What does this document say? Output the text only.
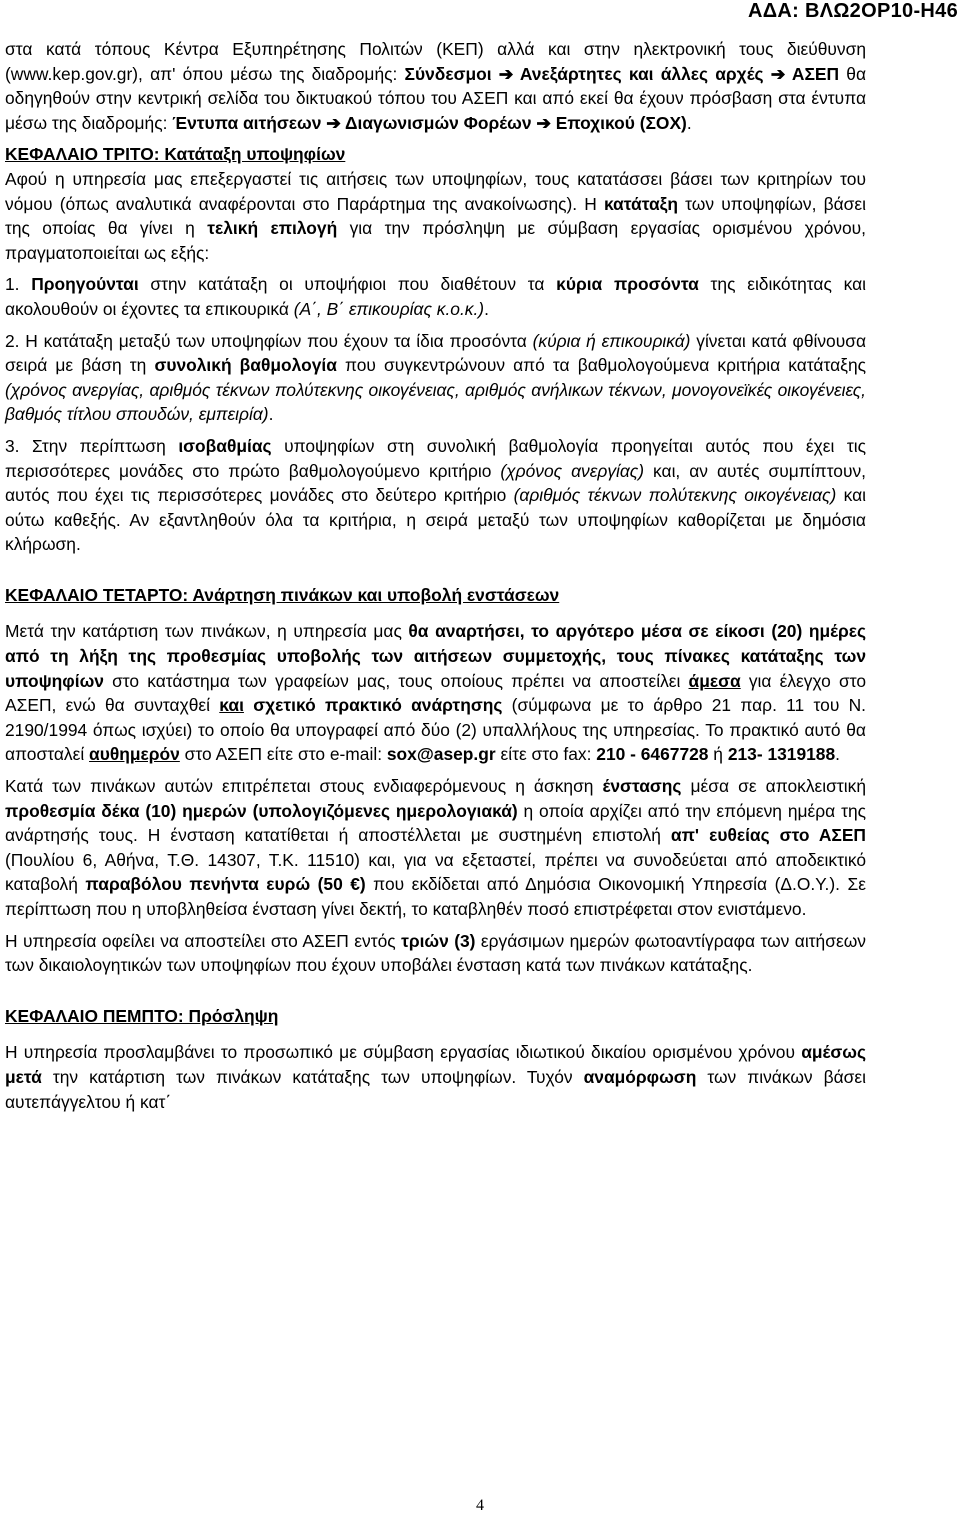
ΑΔΑ: ΒΛΩ2ΟΡ10-Η46

στα κατά τόπους Κέντρα Εξυπηρέτησης Πολιτών (ΚΕΠ) αλλά και στην ηλεκτρονική τους διεύθυνση (www.kep.gov.gr), απ' όπου μέσω της διαδρομής: Σύνδεσμοι ➔ Ανεξάρτητες και άλλες αρχές ➔ ΑΣΕΠ θα οδηγηθούν στην κεντρική σελίδα του δικτυακού τόπου του ΑΣΕΠ και από εκεί θα έχουν πρόσβαση στα έντυπα μέσω της διαδρομής: Έντυπα αιτήσεων ➔ Διαγωνισμών Φορέων ➔ Εποχικού (ΣΟΧ).

ΚΕΦΑΛΑΙΟ ΤΡΙΤΟ: Κατάταξη υποψηφίων

Αφού η υπηρεσία μας επεξεργαστεί τις αιτήσεις των υποψηφίων, τους κατατάσσει βάσει των κριτηρίων του νόμου (όπως αναλυτικά αναφέρονται στο Παράρτημα της ανακοίνωσης). Η κατάταξη των υποψηφίων, βάσει της οποίας θα γίνει η τελική επιλογή για την πρόσληψη με σύμβαση εργασίας ορισμένου χρόνου, πραγματοποιείται ως εξής:

1. Προηγούνται στην κατάταξη οι υποψήφιοι που διαθέτουν τα κύρια προσόντα της ειδικότητας και ακολουθούν οι έχοντες τα επικουρικά (Α΄, Β΄ επικουρίας κ.ο.κ.).

2. Η κατάταξη μεταξύ των υποψηφίων που έχουν τα ίδια προσόντα (κύρια ή επικουρικά) γίνεται κατά φθίνουσα σειρά με βάση τη συνολική βαθμολογία που συγκεντρώνουν από τα βαθμολογούμενα κριτήρια κατάταξης (χρόνος ανεργίας, αριθμός τέκνων πολύτεκνης οικογένειας, αριθμός ανήλικων τέκνων, μονογονεϊκές οικογένειες, βαθμός τίτλου σπουδών, εμπειρία).

3. Στην περίπτωση ισοβαθμίας υποψηφίων στη συνολική βαθμολογία προηγείται αυτός που έχει τις περισσότερες μονάδες στο πρώτο βαθμολογούμενο κριτήριο (χρόνος ανεργίας) και, αν αυτές συμπίπτουν, αυτός που έχει τις περισσότερες μονάδες στο δεύτερο κριτήριο (αριθμός τέκνων πολύτεκνης οικογένειας) και ούτω καθεξής. Αν εξαντληθούν όλα τα κριτήρια, η σειρά μεταξύ των υποψηφίων καθορίζεται με δημόσια κλήρωση.

ΚΕΦΑΛΑΙΟ ΤΕΤΑΡΤΟ: Ανάρτηση πινάκων και υποβολή ενστάσεων

Μετά την κατάρτιση των πινάκων, η υπηρεσία μας θα αναρτήσει, το αργότερο μέσα σε είκοσι (20) ημέρες από τη λήξη της προθεσμίας υποβολής των αιτήσεων συμμετοχής, τους πίνακες κατάταξης των υποψηφίων στο κατάστημα των γραφείων μας, τους οποίους πρέπει να αποστείλει άμεσα για έλεγχο στο ΑΣΕΠ, ενώ θα συνταχθεί και σχετικό πρακτικό ανάρτησης (σύμφωνα με το άρθρο 21 παρ. 11 του Ν. 2190/1994 όπως ισχύει) το οποίο θα υπογραφεί από δύο (2) υπαλλήλους της υπηρεσίας. Το πρακτικό αυτό θα αποσταλεί αυθημερόν στο ΑΣΕΠ είτε στο e-mail: sox@asep.gr είτε στο fax: 210 - 6467728 ή 213- 1319188.

Κατά των πινάκων αυτών επιτρέπεται στους ενδιαφερόμενους η άσκηση ένστασης μέσα σε αποκλειστική προθεσμία δέκα (10) ημερών (υπολογιζόμενες ημερολογιακά) η οποία αρχίζει από την επόμενη ημέρα της ανάρτησής τους. Η ένσταση κατατίθεται ή αποστέλλεται με συστημένη επιστολή απ' ευθείας στο ΑΣΕΠ (Πουλίου 6, Αθήνα, Τ.Θ. 14307, Τ.Κ. 11510) και, για να εξεταστεί, πρέπει να συνοδεύεται από αποδεικτικό καταβολή παραβόλου πενήντα ευρώ (50 €) που εκδίδεται από Δημόσια Οικονομική Υπηρεσία (Δ.Ο.Υ.). Σε περίπτωση που η υποβληθείσα ένσταση γίνει δεκτή, το καταβληθέν ποσό επιστρέφεται στον ενιστάμενο.

Η υπηρεσία οφείλει να αποστείλει στο ΑΣΕΠ εντός τριών (3) εργάσιμων ημερών φωτοαντίγραφα των αιτήσεων των δικαιολογητικών των υποψηφίων που έχουν υποβάλει ένσταση κατά των πινάκων κατάταξης.

ΚΕΦΑΛΑΙΟ ΠΕΜΠΤΟ: Πρόσληψη

Η υπηρεσία προσλαμβάνει το προσωπικό με σύμβαση εργασίας ιδιωτικού δικαίου ορισμένου χρόνου αμέσως μετά την κατάρτιση των πινάκων κατάταξης των υποψηφίων. Τυχόν αναμόρφωση των πινάκων βάσει αυτεπάγγελτου ή κατ΄

4
